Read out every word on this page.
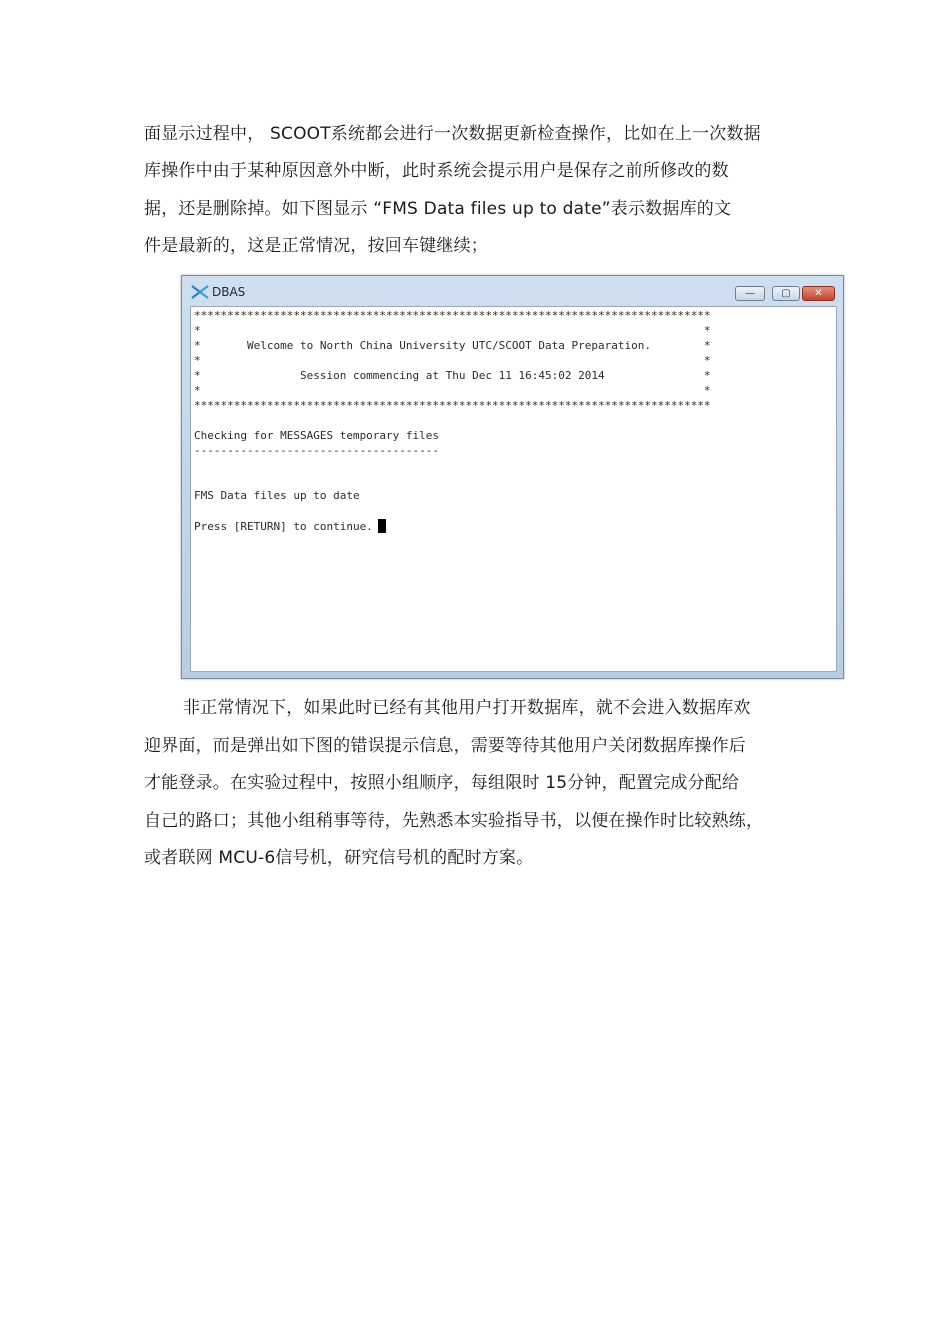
面显示过程中， SCOOT系统都会进行一次数据更新检查操作，比如在上一次数据
库操作中由于某种原因意外中断，此时系统会提示用户是保存之前所修改的数
据，还是删除掉。如下图显示 “FMS Data files up to date”表示数据库的文
件是最新的，这是正常情况，按回车键继续；
DBAS	—	▢	✕
******************************************************************************
*                                                                            *
*       Welcome to North China University UTC/SCOOT Data Preparation.        *
*                                                                            *
*               Session commencing at Thu Dec 11 16:45:02 2014               *
*                                                                            *
******************************************************************************
Checking for MESSAGES temporary files
-------------------------------------
FMS Data files up to date
Press [RETURN] to continue.
非正常情况下，如果此时已经有其他用户打开数据库，就不会进入数据库欢
迎界面，而是弹出如下图的错误提示信息，需要等待其他用户关闭数据库操作后
才能登录。在实验过程中，按照小组顺序，每组限时 15分钟，配置完成分配给
自己的路口；其他小组稍事等待，先熟悉本实验指导书，以便在操作时比较熟练，
或者联网 MCU-6信号机，研究信号机的配时方案。
